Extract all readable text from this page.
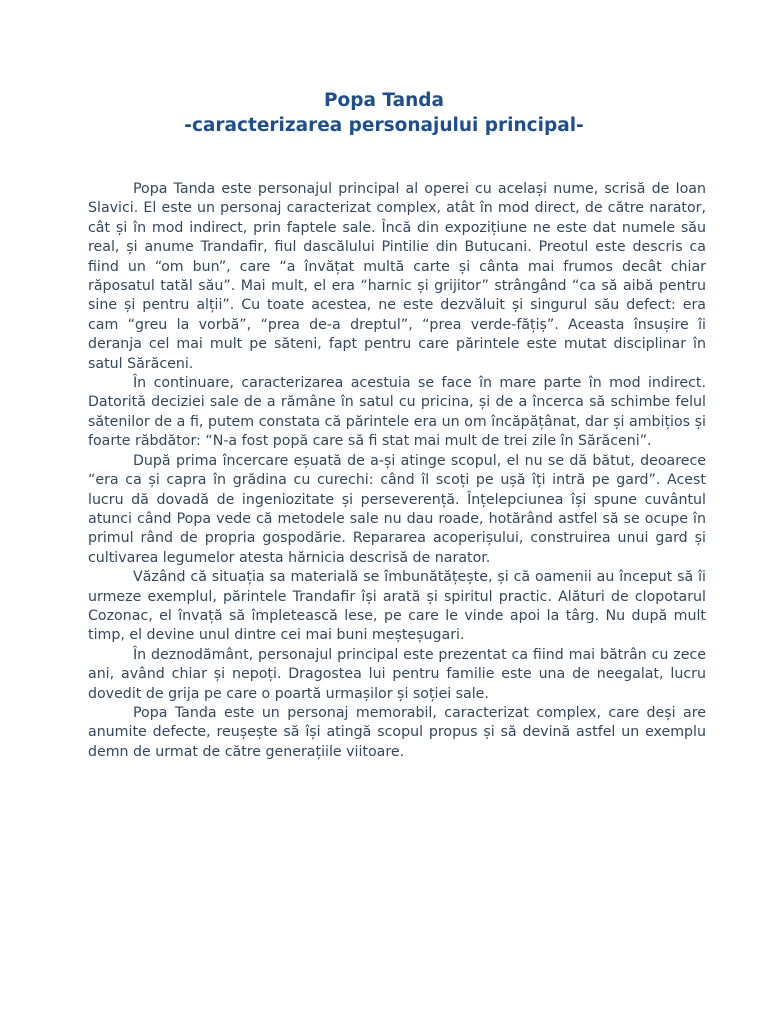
Popa Tanda
-caracterizarea personajului principal-

Popa Tanda este personajul principal al operei cu același nume, scrisă de Ioan Slavici. El este un personaj caracterizat complex, atât în mod direct, de către narator, cât și în mod indirect, prin faptele sale. Încă din expozițiune ne este dat numele său real, și anume Trandafir, fiul dascălului Pintilie din Butucani. Preotul este descris ca fiind un “om bun”, care “a învățat multă carte și cânta mai frumos decât chiar răposatul tatăl său”. Mai mult, el era “harnic și grijitor” strângând “ca să aibă pentru sine și pentru alții”. Cu toate acestea, ne este dezvăluit și singurul său defect: era cam “greu la vorbă”, “prea de-a dreptul”, “prea verde-fățiș”. Aceasta însușire îi deranja cel mai mult pe săteni, fapt pentru care părintele este mutat disciplinar în satul Sărăceni.

În continuare, caracterizarea acestuia se face în mare parte în mod indirect. Datorită deciziei sale de a rămâne în satul cu pricina, și de a încerca să schimbe felul sătenilor de a fi, putem constata că părintele era un om încăpățânat, dar și ambițios și foarte răbdător: “N-a fost popă care să fi stat mai mult de trei zile în Sărăceni”.

După prima încercare eșuată de a-și atinge scopul, el nu se dă bătut, deoarece “era ca și capra în grădina cu curechi: când îl scoți pe ușă îți intră pe gard”. Acest lucru dă dovadă de ingeniozitate și perseverență. Înțelepciunea își spune cuvântul atunci când Popa vede că metodele sale nu dau roade, hotărând astfel să se ocupe în primul rând de propria gospodărie. Repararea acoperișului, construirea unui gard și cultivarea legumelor atesta hărnicia descrisă de narator.

Văzând că situația sa materială se îmbunătățește, și că oamenii au început să îi urmeze exemplul, părintele Trandafir își arată și spiritul practic. Alături de clopotarul Cozonac, el învață să împletească lese, pe care le vinde apoi la târg. Nu după mult timp, el devine unul dintre cei mai buni meșteșugari.

În deznodământ, personajul principal este prezentat ca fiind mai bătrân cu zece ani, având chiar și nepoți. Dragostea lui pentru familie este una de neegalat, lucru dovedit de grija pe care o poartă urmașilor și soției sale.

Popa Tanda este un personaj memorabil, caracterizat complex, care deși are anumite defecte, reușește să își atingă scopul propus și să devină astfel un exemplu demn de urmat de către generațiile viitoare.
